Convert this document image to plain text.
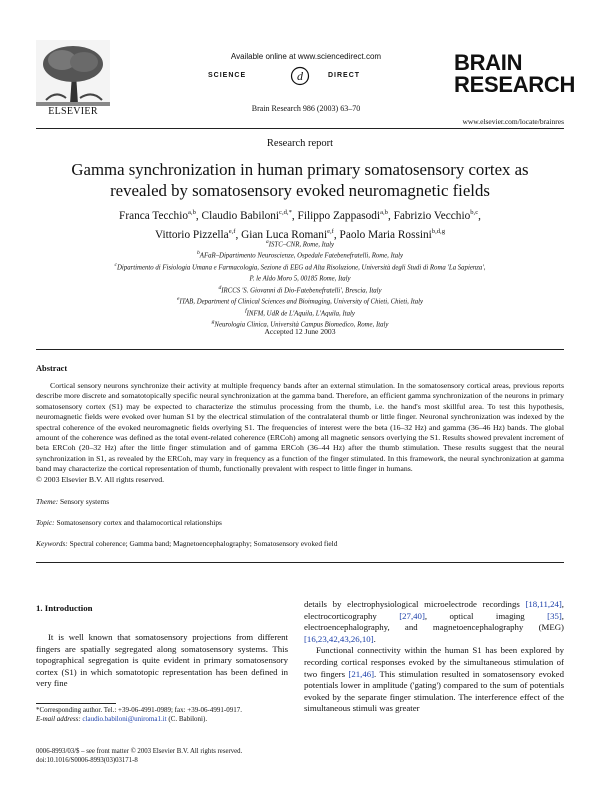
ELSEVIER
Available online at www.sciencedirect.com
SCIENCE	d	DIRECT
Brain Research 986 (2003) 63–70
BRAIN
RESEARCH
www.elsevier.com/locate/brainres
Research report
Gamma synchronization in human primary somatosensory cortex as
revealed by somatosensory evoked neuromagnetic fields
Franca Tecchio$^{a,b}$, Claudio Babiloni$^{c,d,*}$, Filippo Zappasodi$^{a,b}$, Fabrizio Vecchio$^{b,c}$,
Vittorio Pizzella$^{e,f}$, Gian Luca Romani$^{e,f}$, Paolo Maria Rossini$^{b,d,g}$
$^a$ISTC–CNR, Rome, Italy
$^b$AFaR–Dipartimento Neuroscienze, Ospedale Fatebenefratelli, Rome, Italy
$^c$Dipartimento di Fisiologia Umana e Farmacologia, Sezione di EEG ad Alta Risoluzione, Università degli Studi di Roma 'La Sapienza',
P. le Aldo Moro 5, 00185 Rome, Italy
$^d$IRCCS 'S. Giovanni di Dio-Fatebenefratelli', Brescia, Italy
$^e$ITAB, Department of Clinical Sciences and Bioimaging, University of Chieti, Chieti, Italy
$^f$INFM, UdR de L'Aquila, L'Aquila, Italy
$^g$Neurologia Clinica, Università Campus Biomedico, Rome, Italy
Accepted 12 June 2003
Abstract

Cortical sensory neurons synchronize their activity at multiple frequency bands after an external stimulation. In the somatosensory cortical areas, previous reports describe more discrete and somatotopically specific neural synchronization at the gamma band. Therefore, an efficient gamma synchronization of the neurons in primary somatosensory cortex (S1) may be expected to characterize the stimulus processing from the thumb, i.e. the hand's most skillful area. To test this hypothesis, neuromagnetic fields were evoked over human S1 by the electrical stimulation of the contralateral thumb or little finger. Neuronal synchronization was indexed by the spectral coherence of the evoked neuromagnetic fields overlying S1. The frequencies of interest were the beta (16–32 Hz) and gamma (36–46 Hz) bands. The global amount of the coherence was defined as the total event-related coherence (ERCoh) among all magnetic sensors overlying the S1. Results showed prevalent increment of beta ERCoh (20–32 Hz) after the little finger stimulation and of gamma ERCoh (36–44 Hz) after the thumb stimulation. These results suggest that the neural synchronization in S1, as revealed by the ERCoh, may vary in frequency as a function of the finger stimulated. In this framework, the neural synchronization at gamma band may characterize the cortical representation of thumb, functionally prevalent with respect to little finger in humans.

© 2003 Elsevier B.V. All rights reserved.
Theme: Sensory systems
Topic: Somatosensory cortex and thalamocortical relationships
Keywords: Spectral coherence; Gamma band; Magnetoencephalography; Somatosensory evoked field
1. Introduction

It is well known that somatosensory projections from different fingers are spatially segregated along somatosensory systems. This topographical segregation is quite evident in primary somatosensory cortex (S1) in which somatotopic representation has been defined in very fine

details by electrophysiological microelectrode recordings [18,11,24], electrocorticography [27,40], optical imaging [35], electroencephalography, and magnetoencephalography (MEG) [16,23,42,43,26,10].

Functional connectivity within the human S1 has been explored by recording cortical responses evoked by the simultaneous stimulation of two fingers [21,46]. This stimulation resulted in somatosensory evoked potentials lower in amplitude ('gating') compared to the sum of potentials evoked by the separate finger stimulation. The interference effect of the simultaneous stimuli was greater

*Corresponding author. Tel.: +39-06-4991-0989; fax: +39-06-4991-0917.
E-mail address: claudio.babiloni@uniroma1.it (C. Babiloni).
0006-8993/03/$ – see front matter © 2003 Elsevier B.V. All rights reserved.
doi:10.1016/S0006-8993(03)03171-8
